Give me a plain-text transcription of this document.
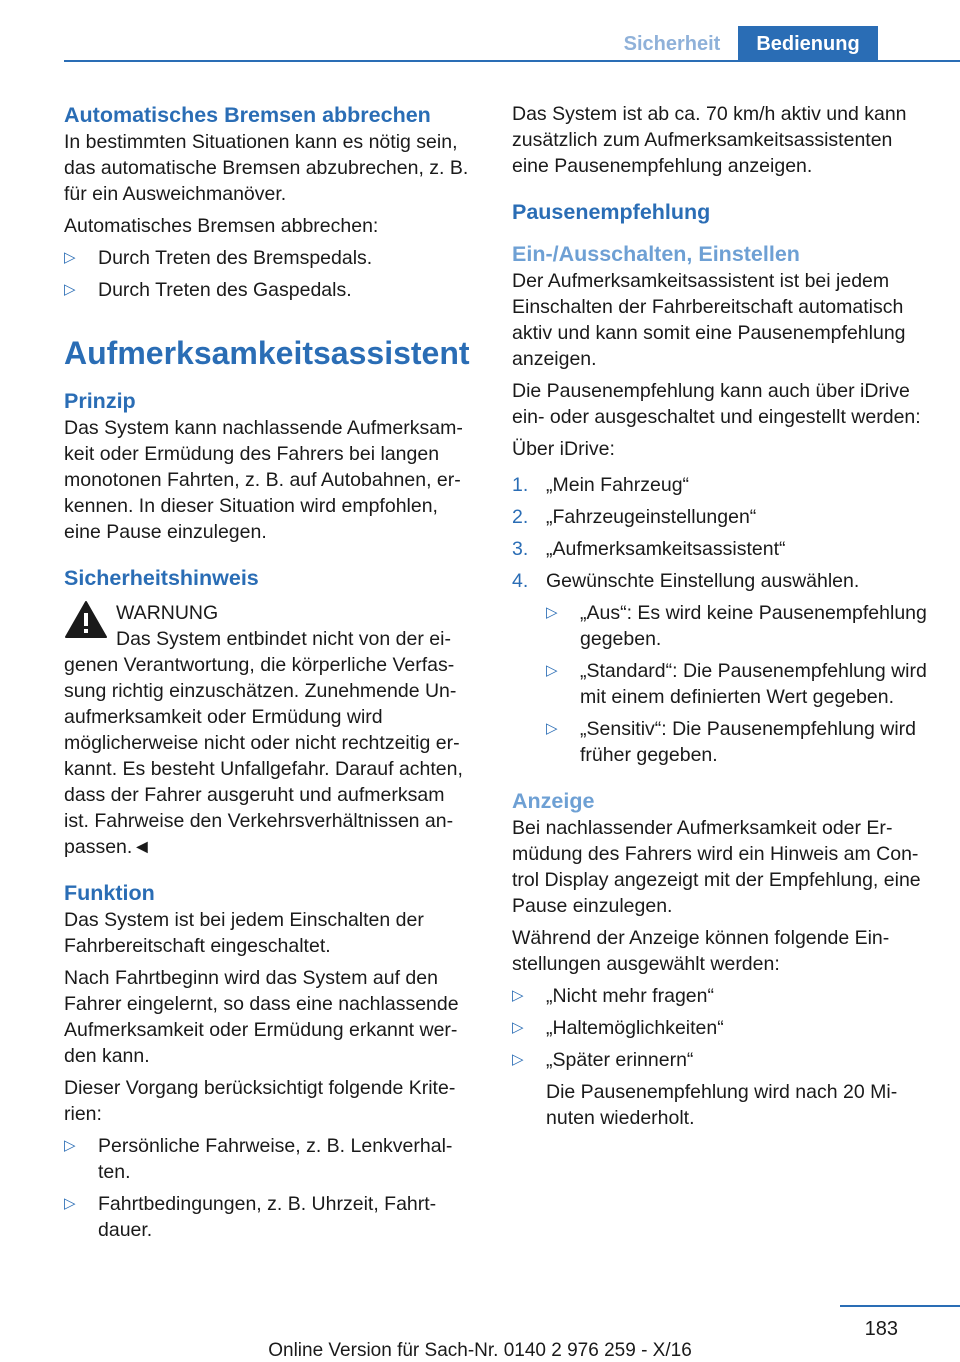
Sicherheit	Bedienung
Automatisches Bremsen abbrechen

In bestimmten Situationen kann es nötig sein, das automatische Bremsen abzubrechen, z. B. für ein Ausweichmanöver.

Automatisches Bremsen abbrechen:

▷ Durch Treten des Bremspedals.
▷ Durch Treten des Gaspedals.
Aufmerksamkeitsassistent
Prinzip

Das System kann nachlassende Aufmerksamkeit oder Ermüdung des Fahrers bei langen monotonen Fahrten, z. B. auf Autobahnen, erkennen. In dieser Situation wird empfohlen, eine Pause einzulegen.

Sicherheitshinweis

WARNUNG

Das System entbindet nicht von der eigenen Verantwortung, die körperliche Verfassung richtig einzuschätzen. Zunehmende Unaufmerksamkeit oder Ermüdung wird möglicherweise nicht oder nicht rechtzeitig erkannt. Es besteht Unfallgefahr. Darauf achten, dass der Fahrer ausgeruht und aufmerksam ist. Fahrweise den Verkehrsverhältnissen anpassen.◄

Funktion

Das System ist bei jedem Einschalten der Fahrbereitschaft eingeschaltet.

Nach Fahrtbeginn wird das System auf den Fahrer eingelernt, so dass eine nachlassende Aufmerksamkeit oder Ermüdung erkannt werden kann.

Dieser Vorgang berücksichtigt folgende Kriterien:

▷ Persönliche Fahrweise, z. B. Lenkverhalten.
▷ Fahrtbedingungen, z. B. Uhrzeit, Fahrtdauer.

Das System ist ab ca. 70 km/h aktiv und kann zusätzlich zum Aufmerksamkeitsassistenten eine Pausenempfehlung anzeigen.

Pausenempfehlung
Ein-/Ausschalten, Einstellen

Der Aufmerksamkeitsassistent ist bei jedem Einschalten der Fahrbereitschaft automatisch aktiv und kann somit eine Pausenempfehlung anzeigen.

Die Pausenempfehlung kann auch über iDrive ein- oder ausgeschaltet und eingestellt werden:

Über iDrive:

1. „Mein Fahrzeug“
2. „Fahrzeugeinstellungen“
3. „Aufmerksamkeitsassistent“
4. Gewünschte Einstellung auswählen.
▷ „Aus“: Es wird keine Pausenempfehlung gegeben.
▷ „Standard“: Die Pausenempfehlung wird mit einem definierten Wert gegeben.
▷ „Sensitiv“: Die Pausenempfehlung wird früher gegeben.
Anzeige

Bei nachlassender Aufmerksamkeit oder Ermüdung des Fahrers wird ein Hinweis am Control Display angezeigt mit der Empfehlung, eine Pause einzulegen.

Während der Anzeige können folgende Einstellungen ausgewählt werden:

▷ „Nicht mehr fragen“
▷ „Haltemöglichkeiten“
▷ „Später erinnern“
Die Pausenempfehlung wird nach 20 Minuten wiederholt.
183
Online Version für Sach-Nr. 0140 2 976 259 - X/16
